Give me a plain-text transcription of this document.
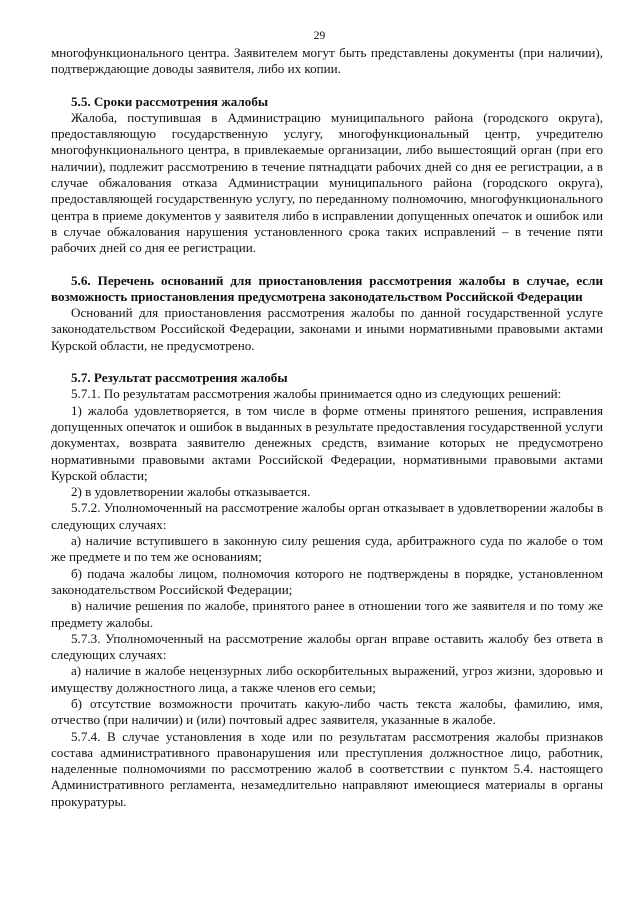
29

многофункционального центра. Заявителем могут быть представлены документы (при наличии), подтверждающие доводы заявителя, либо их копии.

5.5. Сроки рассмотрения жалобы

Жалоба, поступившая в Администрацию муниципального района (городского округа), предоставляющую государственную услугу, многофункциональный центр, учредителю многофункционального центра, в привлекаемые организации, либо вышестоящий орган (при его наличии), подлежит рассмотрению в течение пятнадцати рабочих дней со дня ее регистрации, а в случае обжалования отказа Администрации муниципального района (городского округа), предоставляющей государственную услугу, по переданному полномочию, многофункционального центра в приеме документов у заявителя либо в исправлении допущенных опечаток и ошибок или в случае обжалования нарушения установленного срока таких исправлений – в течение пяти рабочих дней со дня ее регистрации.

5.6. Перечень оснований для приостановления рассмотрения жалобы в случае, если возможность приостановления предусмотрена законодательством Российской Федерации

Оснований для приостановления рассмотрения жалобы по данной государственной услуге законодательством Российской Федерации, законами и иными нормативными правовыми актами Курской области, не предусмотрено.

5.7. Результат рассмотрения жалобы

5.7.1. По результатам рассмотрения жалобы принимается одно из следующих решений:

1) жалоба удовлетворяется, в том числе в форме отмены принятого решения, исправления допущенных опечаток и ошибок в выданных в результате предоставления государственной услуги документах, возврата заявителю денежных средств, взимание которых не предусмотрено нормативными правовыми актами Российской Федерации, нормативными правовыми актами Курской области;

2) в удовлетворении жалобы отказывается.

5.7.2. Уполномоченный на рассмотрение жалобы орган отказывает в удовлетворении жалобы в следующих случаях:

а) наличие вступившего в законную силу решения суда, арбитражного суда по жалобе о том же предмете и по тем же основаниям;

б) подача жалобы лицом, полномочия которого не подтверждены в порядке, установленном законодательством Российской Федерации;

в) наличие решения по жалобе, принятого ранее в отношении того же заявителя и по тому же предмету жалобы.

5.7.3. Уполномоченный на рассмотрение жалобы орган вправе оставить жалобу без ответа в следующих случаях:

а) наличие в жалобе нецензурных либо оскорбительных выражений, угроз жизни, здоровью и имуществу должностного лица, а также членов его семьи;

б) отсутствие возможности прочитать какую-либо часть текста жалобы, фамилию, имя, отчество (при наличии) и (или) почтовый адрес заявителя, указанные в жалобе.

5.7.4. В случае установления в ходе или по результатам рассмотрения жалобы признаков состава административного правонарушения или преступления должностное лицо, работник, наделенные полномочиями по рассмотрению жалоб в соответствии с пунктом 5.4. настоящего Административного регламента, незамедлительно направляют имеющиеся материалы в органы прокуратуры.
